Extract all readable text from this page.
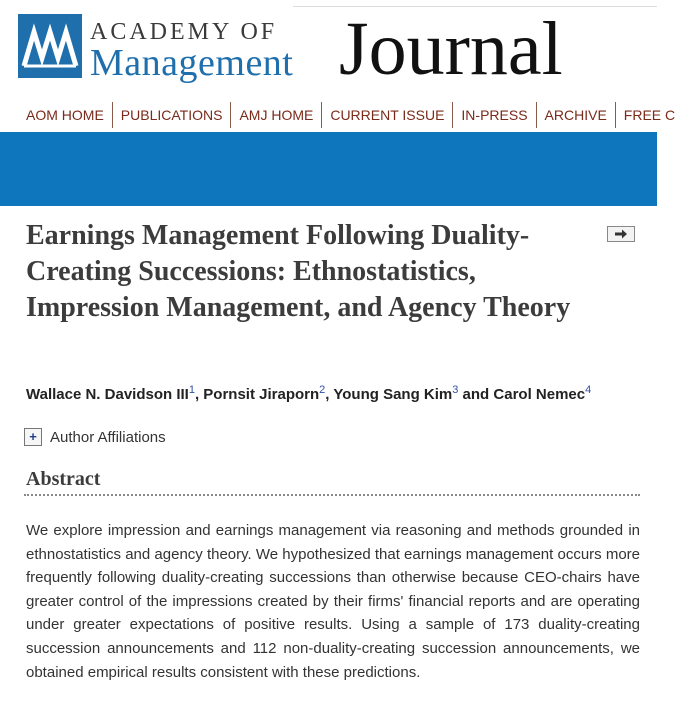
ACADEMY OF
Management Journal
AOM HOME PUBLICATIONS AMJ HOME CURRENT ISSUE IN-PRESS ARCHIVE FREE C
Earnings Management Following Duality-Creating Successions: Ethnostatistics, Impression Management, and Agency Theory
Wallace N. Davidson III$^1$, Pornsit Jiraporn$^2$, Young Sang Kim$^3$ and Carol Nemec$^4$
+ Author Affiliations
Abstract

We explore impression and earnings management via reasoning and methods grounded in ethnostatistics and agency theory. We hypothesized that earnings management occurs more frequently following duality-creating successions than otherwise because CEO-chairs have greater control of the impressions created by their firms' financial reports and are operating under greater expectations of positive results. Using a sample of 173 duality-creating succession announcements and 112 non-duality-creating succession announcements, we obtained empirical results consistent with these predictions.
